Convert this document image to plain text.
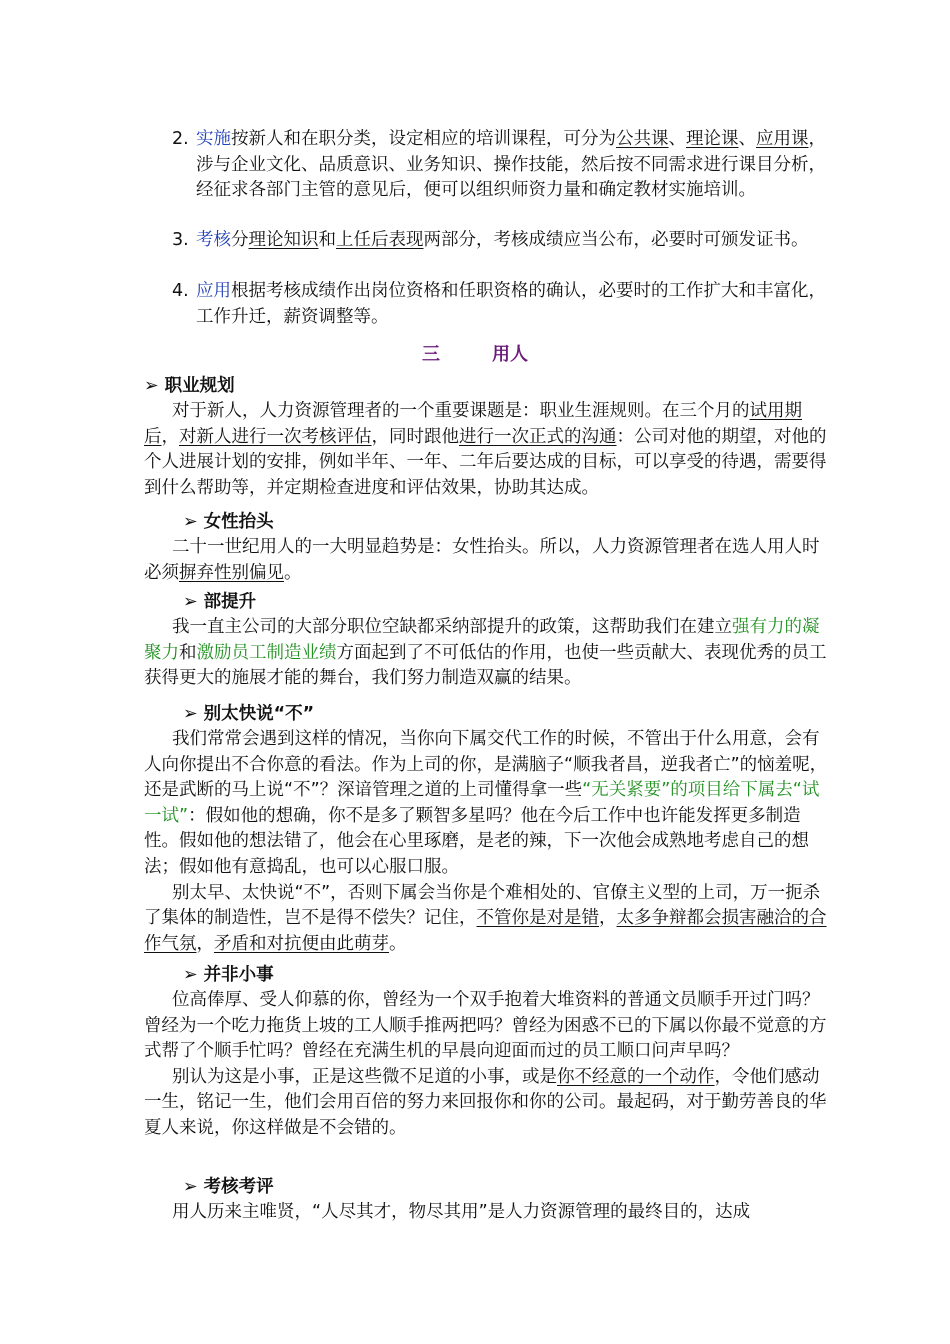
2. 实施按新人和在职分类，设定相应的培训课程，可分为公共课、理论课、应用课，涉与企业文化、品质意识、业务知识、操作技能，然后按不同需求进行课目分析，经征求各部门主管的意见后，便可以组织师资力量和确定教材实施培训。
3. 考核分理论知识和上任后表现两部分，考核成绩应当公布，必要时可颁发证书。
4. 应用根据考核成绩作出岗位资格和任职资格的确认，必要时的工作扩大和丰富化，工作升迁，薪资调整等。
三	用人
➢ 职业规划

对于新人，人力资源管理者的一个重要课题是：职业生涯规则。在三个月的试用期后，对新人进行一次考核评估，同时跟他进行一次正式的沟通：公司对他的期望，对他的个人进展计划的安排，例如半年、一年、二年后要达成的目标，可以享受的待遇，需要得到什么帮助等，并定期检查进度和评估效果，协助其达成。

➢ 女性抬头

二十一世纪用人的一大明显趋势是：女性抬头。所以，人力资源管理者在选人用人时必须摒弃性别偏见。

➢ 部提升

我一直主公司的大部分职位空缺都采纳部提升的政策，这帮助我们在建立强有力的凝聚力和激励员工制造业绩方面起到了不可低估的作用，也使一些贡献大、表现优秀的员工获得更大的施展才能的舞台，我们努力制造双赢的结果。

➢ 别太快说“不”

我们常常会遇到这样的情况，当你向下属交代工作的时候，不管出于什么用意，会有人向你提出不合你意的看法。作为上司的你，是满脑子“顺我者昌，逆我者亡”的恼羞呢，还是武断的马上说“不”？深谙管理之道的上司懂得拿一些“无关紧要”的项目给下属去“试一试”：假如他的想确，你不是多了颗智多星吗？他在今后工作中也许能发挥更多制造性。假如他的想法错了，他会在心里琢磨，是老的辣，下一次他会成熟地考虑自己的想法；假如他有意捣乱，也可以心服口服。

别太早、太快说“不”，否则下属会当你是个难相处的、官僚主义型的上司，万一扼杀了集体的制造性，岂不是得不偿失？记住，不管你是对是错，太多争辩都会损害融洽的合作气氛，矛盾和对抗便由此萌芽。

➢ 并非小事

位高俸厚、受人仰慕的你，曾经为一个双手抱着大堆资料的普通文员顺手开过门吗？曾经为一个吃力拖货上坡的工人顺手推两把吗？曾经为困惑不已的下属以你最不觉意的方式帮了个顺手忙吗？曾经在充满生机的早晨向迎面而过的员工顺口问声早吗？

别认为这是小事，正是这些微不足道的小事，或是你不经意的一个动作，令他们感动一生，铭记一生，他们会用百倍的努力来回报你和你的公司。最起码，对于勤劳善良的华夏人来说，你这样做是不会错的。

➢ 考核考评

用人历来主唯贤，“人尽其才，物尽其用”是人力资源管理的最终目的，达成
